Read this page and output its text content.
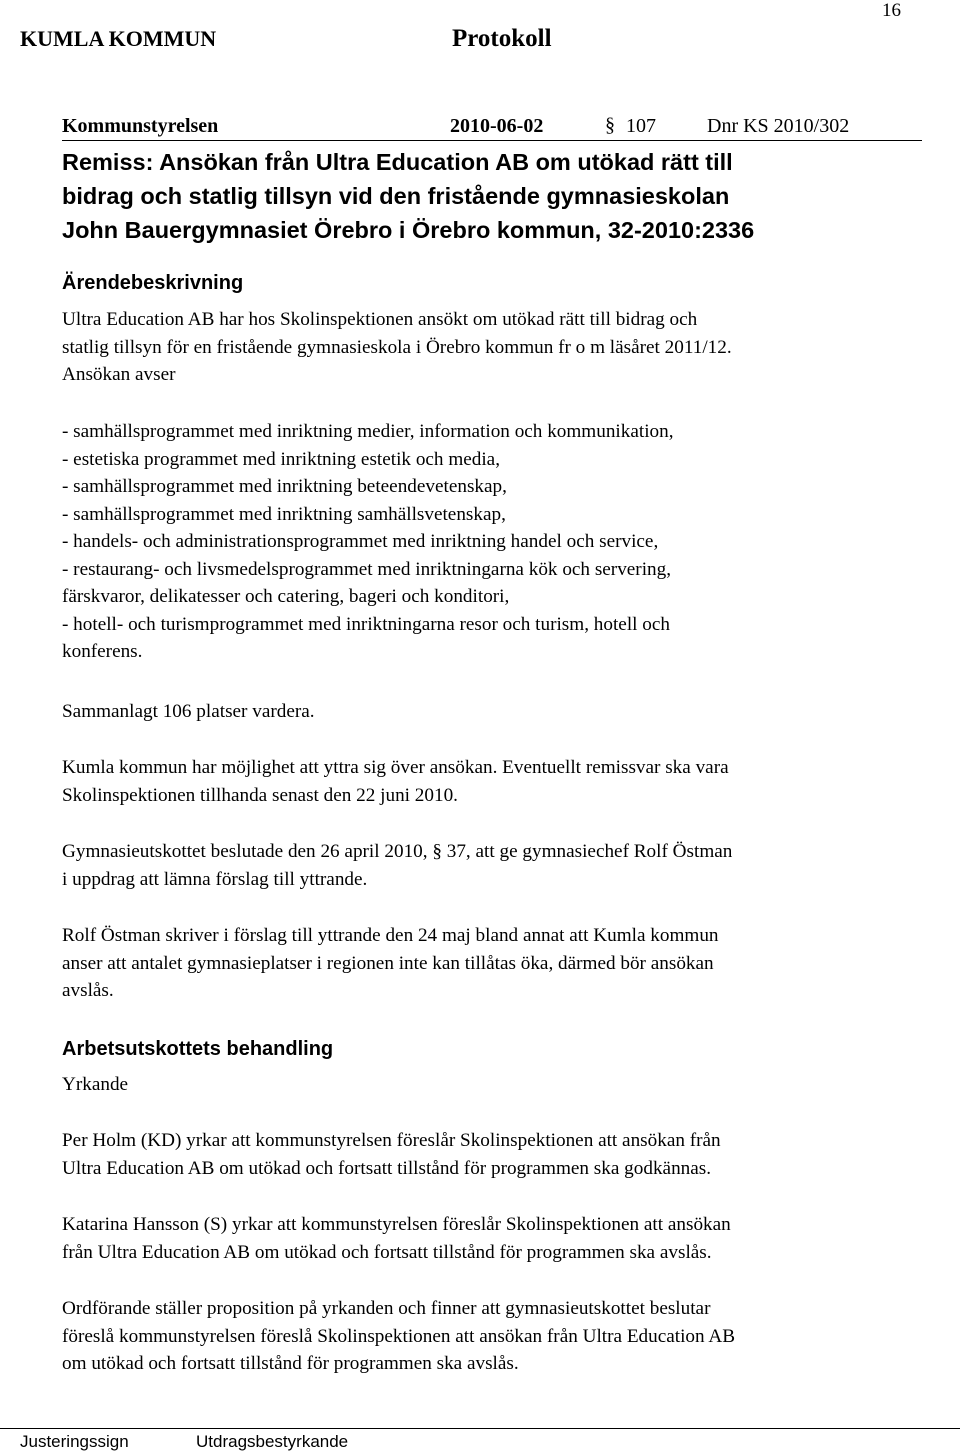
KUMLA KOMMUN	Protokoll
16
Kommunstyrelsen	2010-06-02	§ 107	Dnr KS 2010/302
Remiss: Ansökan från Ultra Education AB om utökad rätt till
bidrag och statlig tillsyn vid den fristående gymnasieskolan
John Bauergymnasiet Örebro i Örebro kommun, 32-2010:2336
Ärendebeskrivning
Ultra Education AB har hos Skolinspektionen ansökt om utökad rätt till bidrag och
statlig tillsyn för en fristående gymnasieskola i Örebro kommun fr o m läsåret 2011/12.
Ansökan avser
- samhällsprogrammet med inriktning medier, information och kommunikation,
- estetiska programmet med inriktning estetik och media,
- samhällsprogrammet med inriktning beteendevetenskap,
- samhällsprogrammet med inriktning samhällsvetenskap,
- handels- och administrationsprogrammet med inriktning handel och service,
- restaurang- och livsmedelsprogrammet med inriktningarna kök och servering,
färskvaror, delikatesser och catering, bageri och konditori,
- hotell- och turismprogrammet med inriktningarna resor och turism, hotell och
konferens.
Sammanlagt 106 platser vardera.
Kumla kommun har möjlighet att yttra sig över ansökan. Eventuellt remissvar ska vara
Skolinspektionen tillhanda senast den 22 juni 2010.
Gymnasieutskottet beslutade den 26 april 2010, § 37, att ge gymnasiechef Rolf Östman
i uppdrag att lämna förslag till yttrande.
Rolf Östman skriver i förslag till yttrande den 24 maj bland annat att Kumla kommun
anser att antalet gymnasieplatser i regionen inte kan tillåtas öka, därmed bör ansökan
avslås.
Arbetsutskottets behandling
Yrkande
Per Holm (KD) yrkar att kommunstyrelsen föreslår Skolinspektionen att ansökan från
Ultra Education AB om utökad och fortsatt tillstånd för programmen ska godkännas.
Katarina Hansson (S) yrkar att kommunstyrelsen föreslår Skolinspektionen att ansökan
från Ultra Education AB om utökad och fortsatt tillstånd för programmen ska avslås.
Ordförande ställer proposition på yrkanden och finner att gymnasieutskottet beslutar
föreslå kommunstyrelsen föreslå Skolinspektionen att ansökan från Ultra Education AB
om utökad och fortsatt tillstånd för programmen ska avslås.
Justeringssign	Utdragsbestyrkande
